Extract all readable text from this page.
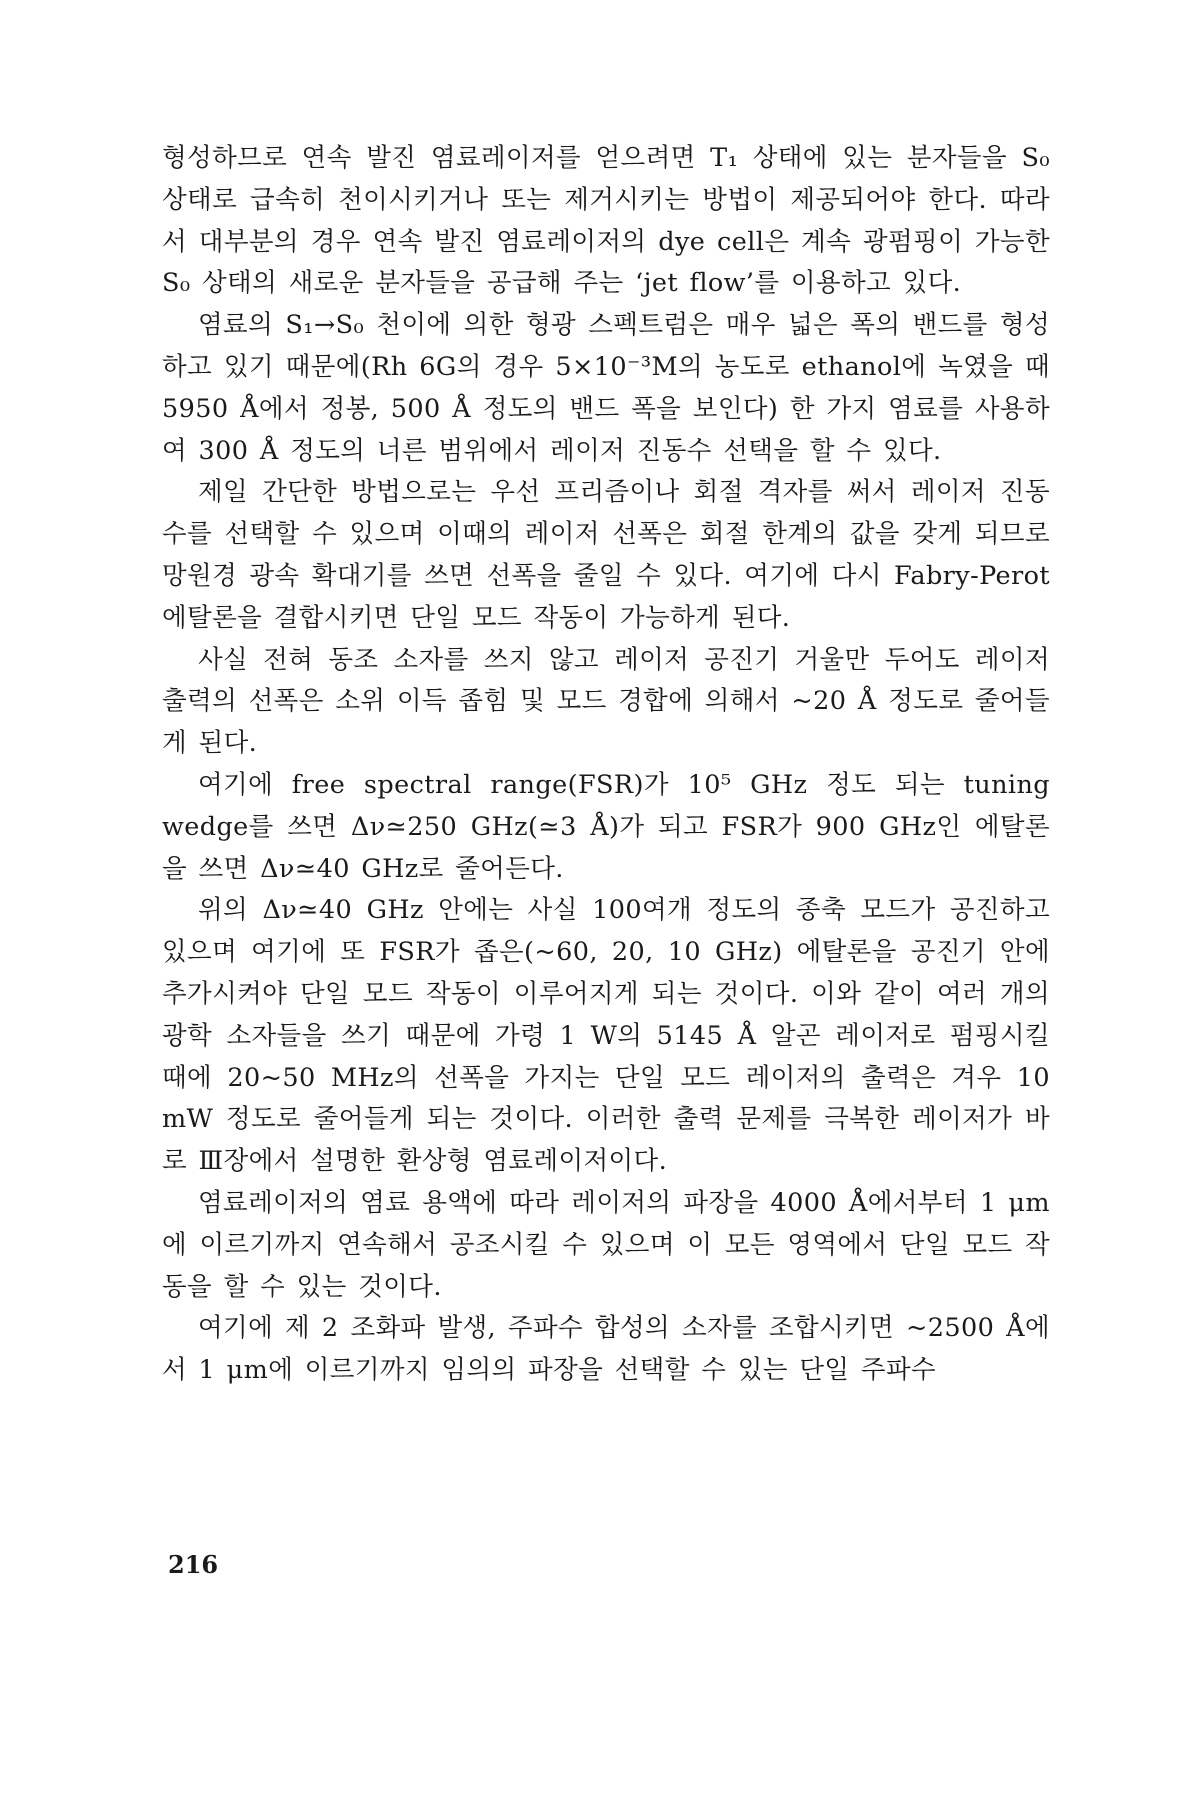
형성하므로 연속 발진 염료레이저를 얻으려면 T₁ 상태에 있는 분자들을 S₀ 상태로 급속히 천이시키거나 또는 제거시키는 방법이 제공되어야 한다. 따라서 대부분의 경우 연속 발진 염료레이저의 dye cell은 계속 광펌핑이 가능한 S₀ 상태의 새로운 분자들을 공급해 주는 ‘jet flow’를 이용하고 있다.

염료의 S₁→S₀ 천이에 의한 형광 스펙트럼은 매우 넓은 폭의 밴드를 형성하고 있기 때문에(Rh 6G의 경우 5×10⁻³M의 농도로 ethanol에 녹였을 때 5950 Å에서 정봉, 500 Å 정도의 밴드 폭을 보인다) 한 가지 염료를 사용하여 300 Å 정도의 너른 범위에서 레이저 진동수 선택을 할 수 있다.

제일 간단한 방법으로는 우선 프리즘이나 회절 격자를 써서 레이저 진동수를 선택할 수 있으며 이때의 레이저 선폭은 회절 한계의 값을 갖게 되므로 망원경 광속 확대기를 쓰면 선폭을 줄일 수 있다. 여기에 다시 Fabry-Perot 에탈론을 결합시키면 단일 모드 작동이 가능하게 된다.

사실 전혀 동조 소자를 쓰지 않고 레이저 공진기 거울만 두어도 레이저 출력의 선폭은 소위 이득 좁힘 및 모드 경합에 의해서 ~20 Å 정도로 줄어들게 된다.

여기에 free spectral range(FSR)가 10⁵ GHz 정도 되는 tuning wedge를 쓰면 Δν≃250 GHz(≃3 Å)가 되고 FSR가 900 GHz인 에탈론을 쓰면 Δν≃40 GHz로 줄어든다.

위의 Δν≃40 GHz 안에는 사실 100여개 정도의 종축 모드가 공진하고 있으며 여기에 또 FSR가 좁은(~60, 20, 10 GHz) 에탈론을 공진기 안에 추가시켜야 단일 모드 작동이 이루어지게 되는 것이다. 이와 같이 여러 개의 광학 소자들을 쓰기 때문에 가령 1 W의 5145 Å 알곤 레이저로 펌핑시킬 때에 20~50 MHz의 선폭을 가지는 단일 모드 레이저의 출력은 겨우 10 mW 정도로 줄어들게 되는 것이다. 이러한 출력 문제를 극복한 레이저가 바로 Ⅲ장에서 설명한 환상형 염료레이저이다.

염료레이저의 염료 용액에 따라 레이저의 파장을 4000 Å에서부터 1 μm에 이르기까지 연속해서 공조시킬 수 있으며 이 모든 영역에서 단일 모드 작동을 할 수 있는 것이다.

여기에 제 2 조화파 발생, 주파수 합성의 소자를 조합시키면 ~2500 Å에서 1 μm에 이르기까지 임의의 파장을 선택할 수 있는 단일 주파수

216
